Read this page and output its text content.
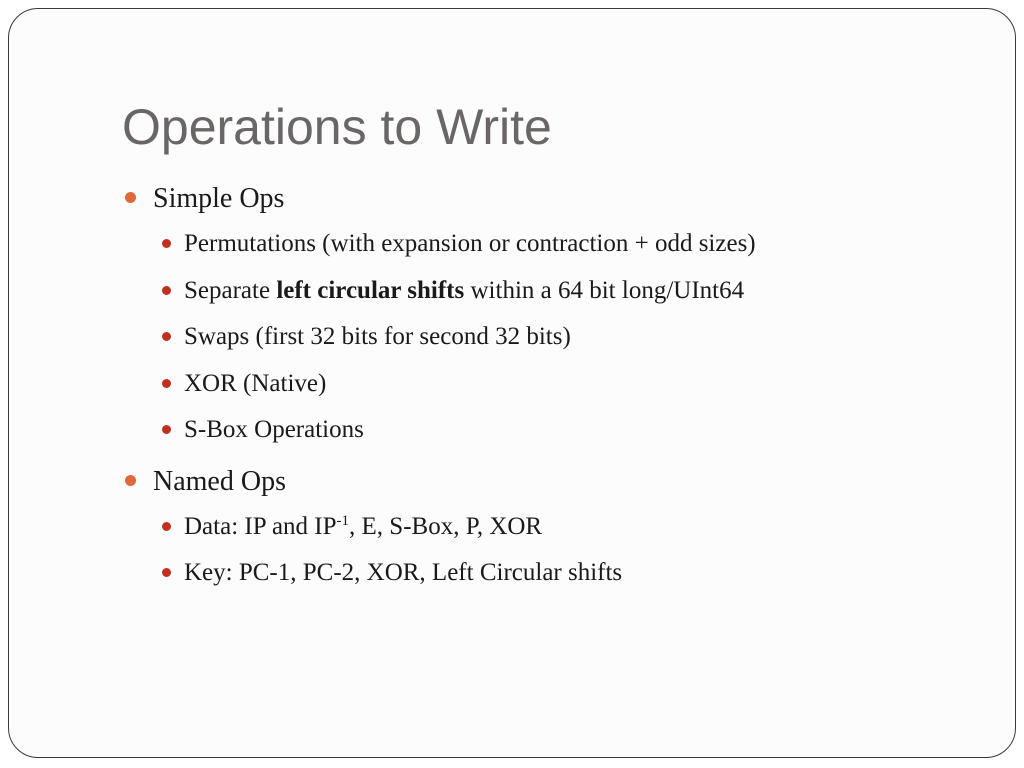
Operations to Write
Simple Ops
Permutations (with expansion or contraction + odd sizes)
Separate left circular shifts within a 64 bit long/UInt64
Swaps (first 32 bits for second 32 bits)
XOR (Native)
S-Box Operations
Named Ops
Data: IP and $IP^{-1}$, E, S-Box, P, XOR
Key: PC-1, PC-2, XOR, Left Circular shifts
